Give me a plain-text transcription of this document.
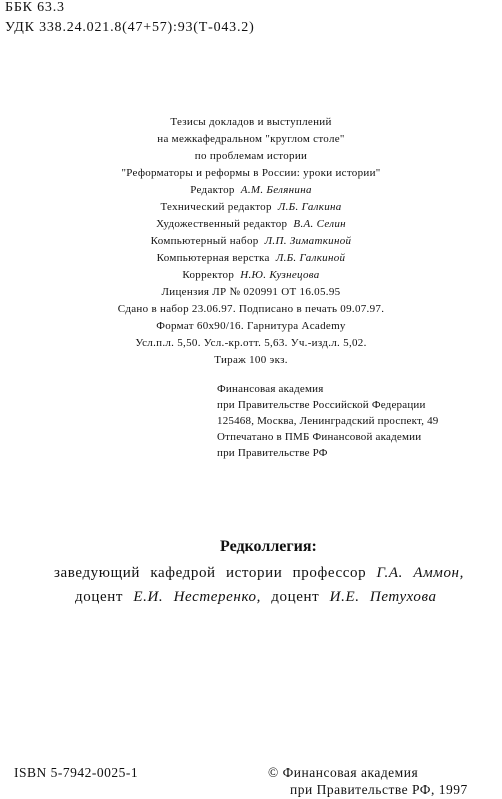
ББК 63.3
УДК 338.24.021.8(47+57):93(Т-043.2)
Тезисы докладов и выступлений
на межкафедральном "круглом столе"
по проблемам истории
"Реформаторы и реформы в России: уроки истории"
Редактор А.М. Белянина
Технический редактор Л.Б. Галкина
Художественный редактор В.А. Селин
Компьютерный набор Л.П. Зиматкиной
Компьютерная верстка Л.Б. Галкиной
Корректор Н.Ю. Кузнецова
Лицензия ЛР № 020991 ОТ 16.05.95
Сдано в набор 23.06.97. Подписано в печать 09.07.97.
Формат 60x90/16. Гарнитура Academy
Усл.п.л. 5,50. Усл.-кр.отт. 5,63. Уч.-изд.л. 5,02.
Тираж 100 экз.
Финансовая академия
при Правительстве Российской Федерации
125468, Москва, Ленинградский проспект, 49
Отпечатано в ПМБ Финансовой академии
при Правительстве РФ
Редколлегия:
заведующий кафедрой истории профессор Г.А. Аммон,
доцент Е.И. Нестеренко, доцент И.Е. Петухова
ISBN 5-7942-0025-1	© Финансовая академия
при Правительстве РФ, 1997
